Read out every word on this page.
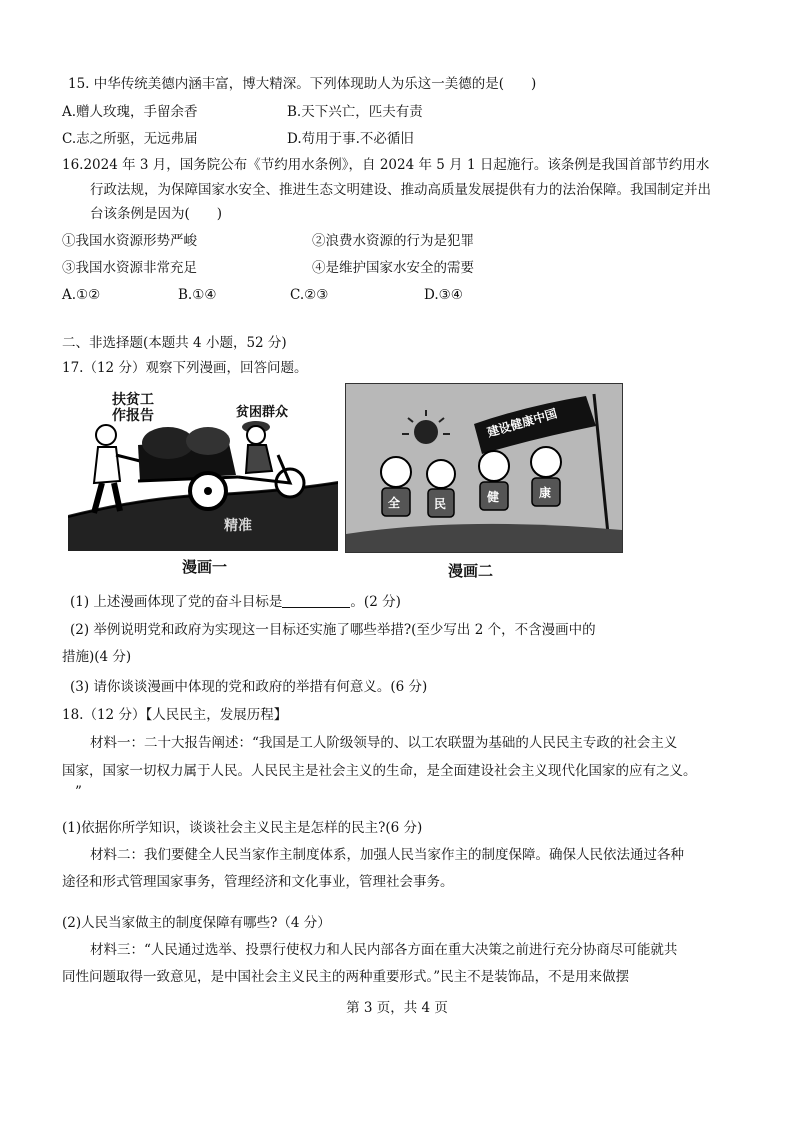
15. 中华传统美德内涵丰富，博大精深。下列体现助人为乐这一美德的是(　　)
A.赠人玫瑰，手留余香	B.天下兴亡，匹夫有责
C.志之所驱，无远弗届	D.苟用于事.不必循旧
16.2024 年 3 月，国务院公布《节约用水条例》，自 2024 年 5 月 1 日起施行。该条例是我国首部节约用水
行政法规，为保障国家水安全、推进生态文明建设、推动高质量发展提供有力的法治保障。我国制定并出
台该条例是因为(　　)
①我国水资源形势严峻	②浪费水资源的行为是犯罪
③我国水资源非常充足	④是维护国家水安全的需要
A.①②	B.①④	C.②③	D.③④
二、非选择题(本题共 4 小题，52 分)
17.（12 分）观察下列漫画，回答问题。
扶贫工
作报告	贫困群众
精准
漫画一
建设健康中国
全	民	健	康
漫画二
(1) 上述漫画体现了党的奋斗目标是	。(2 分)
(2) 举例说明党和政府为实现这一目标还实施了哪些举措?(至少写出 2 个，不含漫画中的
措施)(4 分)
(3) 请你谈谈漫画中体现的党和政府的举措有何意义。(6 分)
18.（12 分）【人民民主，发展历程】
材料一：二十大报告阐述：“我国是工人阶级领导的、以工农联盟为基础的人民民主专政的社会主义
国家，国家一切权力属于人民。人民民主是社会主义的生命，是全面建设社会主义现代化国家的应有之义。
”
(1)依据你所学知识，谈谈社会主义民主是怎样的民主?(6 分)
材料二：我们要健全人民当家作主制度体系，加强人民当家作主的制度保障。确保人民依法通过各种
途径和形式管理国家事务，管理经济和文化事业，管理社会事务。
(2)人民当家做主的制度保障有哪些?（4 分）
材料三：“人民通过选举、投票行使权力和人民内部各方面在重大决策之前进行充分协商尽可能就共
同性问题取得一致意见，是中国社会主义民主的两种重要形式。”民主不是装饰品，不是用来做摆
第 3 页，共 4 页
